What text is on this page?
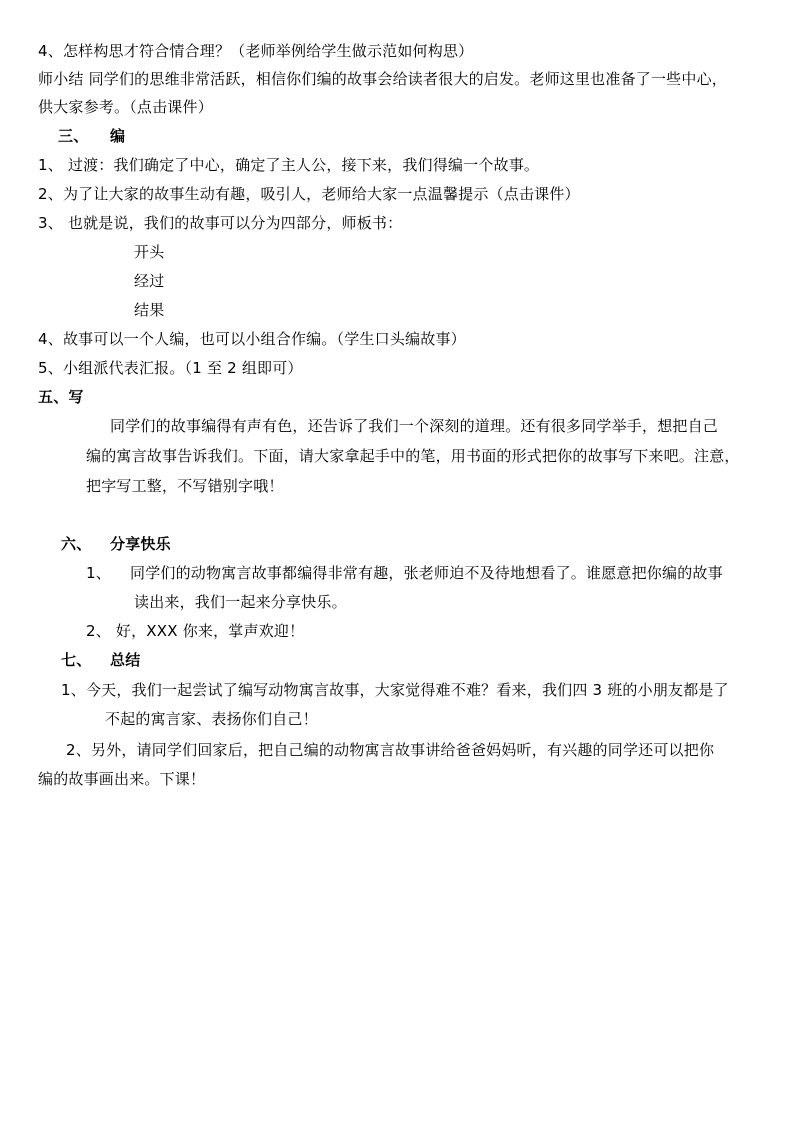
4、怎样构思才符合情合理？（老师举例给学生做示范如何构思）
师小结 同学们的思维非常活跃，相信你们编的故事会给读者很大的启发。老师这里也准备了一些中心，
供大家参考。（点击课件）
三、 编
1、 过渡：我们确定了中心，确定了主人公，接下来，我们得编一个故事。
2、为了让大家的故事生动有趣，吸引人，老师给大家一点温馨提示（点击课件）
3、 也就是说，我们的故事可以分为四部分，师板书：
开头
经过
结果
4、故事可以一个人编，也可以小组合作编。（学生口头编故事）
5、小组派代表汇报。（1 至 2 组即可）
五、写
同学们的故事编得有声有色，还告诉了我们一个深刻的道理。还有很多同学举手，想把自己
编的寓言故事告诉我们。下面，请大家拿起手中的笔，用书面的形式把你的故事写下来吧。注意，
把字写工整，不写错别字哦！
六、 分享快乐
1、 同学们的动物寓言故事都编得非常有趣，张老师迫不及待地想看了。谁愿意把你编的故事
读出来，我们一起来分享快乐。
2、 好，XXX 你来，掌声欢迎！
七、 总结
1、今天，我们一起尝试了编写动物寓言故事，大家觉得难不难？看来，我们四 3 班的小朋友都是了
不起的寓言家、表扬你们自己！
2、另外，请同学们回家后，把自己编的动物寓言故事讲给爸爸妈妈听，有兴趣的同学还可以把你
编的故事画出来。下课！
